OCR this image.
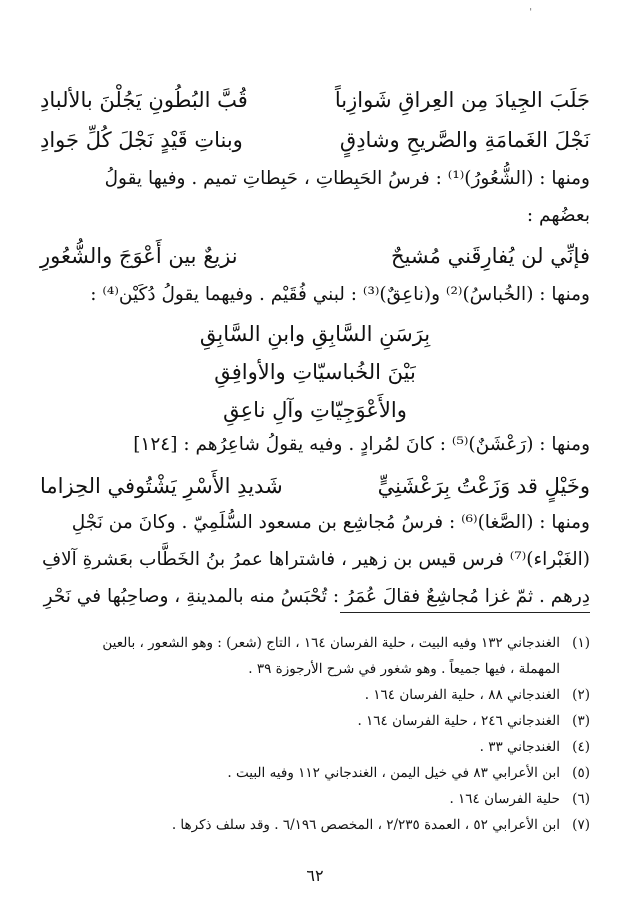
'
جَلَبَ الجِيادَ مِن العِراقِ شَوازِباً
قُبَّ البُطُونِ يَجُلْنَ بالألبادِ
نَجْلَ الغَمامَةِ والصَّريحِ وشادِقٍ
وبناتِ قَيْدٍ نَجْلَ كُلِّ جَوادِ
ومنها : (الشُّعُورُ)⁽¹⁾ : فرسُ الحَبِطاتِ ، حَبِطاتِ تميم . وفيها يقولُ
بعضُهم :
فإنِّي لن يُفارِقَني مُشيحٌ
نزيعٌ بين أَعْوَجَ والشُّعُورِ
ومنها : (الخُباسُ)⁽²⁾ و(ناعِقٌ)⁽³⁾ : لبني فُقَيْم . وفيهما يقولُ دُكَيْن⁽⁴⁾ :
بِرَسَنِ السَّابِقِ وابنِ السَّابِقِ
بَيْنَ الخُباسيّاتِ والأوافِقِ
والأَعْوَجِيّاتِ وآلِ ناعِقِ
ومنها : (رَعْشَنٌ)⁽⁵⁾ : كانَ لمُرادٍ . وفيه يقولُ شاعِرُهم : [١٢٤]
وخَيْلٍ قد وَزَعْتُ بِرَعْشَنِيٍّ
شَديدِ الأَسْرِ يَشْتُوفي الحِزاما
ومنها : (الصَّغا)⁽⁶⁾ : فرسُ مُجاشِع بن مسعود السُّلَمِيّ . وكانَ من نَجْلِ
(الغَبْراء)⁽⁷⁾ فرس قيس بن زهير ، فاشتراها عمرُ بنُ الخَطَّاب بعَشرةِ آلافِ
دِرهم . ثمّ غزا مُجاشِعٌ فقالَ عُمَرُ : تُحْبَسُ منه بالمدينةِ ، وصاحِبُها في نَحْرِ
(١)
الغندجاني ١٣٢ وفيه البيت ، حلية الفرسان ١٦٤ ، التاج (شعر) : وهو الشعور ، بالعين
المهملة ، فيها جميعاً . وهو شغور في شرح الأرجوزة ٣٩ .
(٢)
الغندجاني ٨٨ ، حلية الفرسان ١٦٤ .
(٣)
الغندجاني ٢٤٦ ، حلية الفرسان ١٦٤ .
(٤)
الغندجاني ٣٣ .
(٥)
ابن الأعرابي ٨٣ في خيل اليمن ، الغندجاني ١١٢ وفيه البيت .
(٦)
حلية الفرسان ١٦٤ .
(٧)
ابن الأعرابي ٥٢ ، العمدة ٢/٢٣٥ ، المخصص ٦/١٩٦ . وقد سلف ذكرها .
٦٢
